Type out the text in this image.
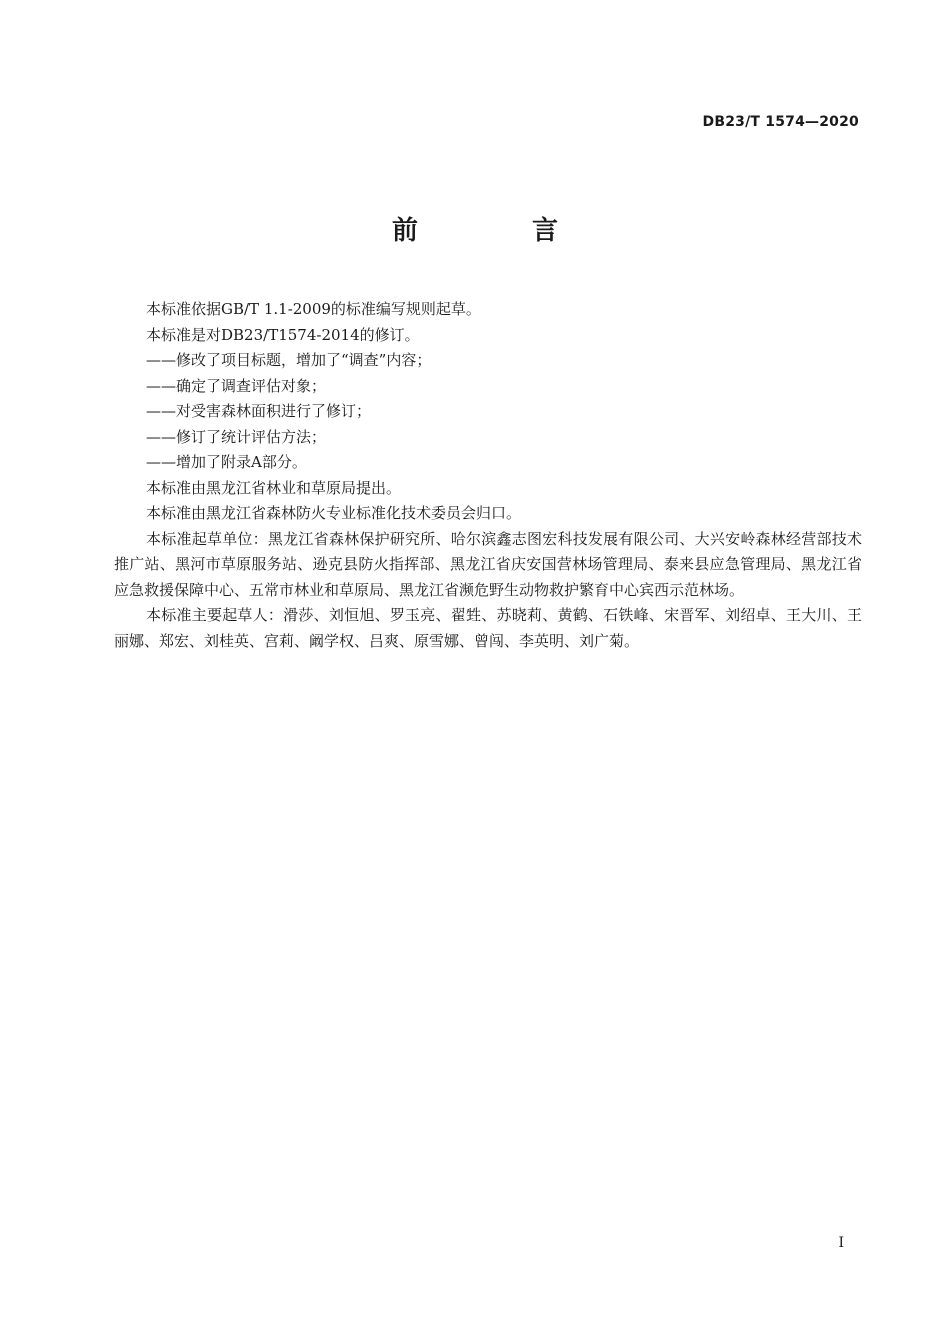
DB23/T 1574—2020
前　言

本标准依据GB/T 1.1-2009的标准编写规则起草。

本标准是对DB23/T1574-2014的修订。

——修改了项目标题，增加了“调查”内容；

——确定了调查评估对象；

——对受害森林面积进行了修订；

——修订了统计评估方法；

——增加了附录A部分。

本标准由黑龙江省林业和草原局提出。

本标准由黑龙江省森林防火专业标准化技术委员会归口。

本标准起草单位：黑龙江省森林保护研究所、哈尔滨鑫志图宏科技发展有限公司、大兴安岭森林经营部技术推广站、黑河市草原服务站、逊克县防火指挥部、黑龙江省庆安国营林场管理局、泰来县应急管理局、黑龙江省应急救援保障中心、五常市林业和草原局、黑龙江省濒危野生动物救护繁育中心宾西示范林场。

本标准主要起草人：滑莎、刘恒旭、罗玉亮、翟甡、苏晓莉、黄鹤、石铁峰、宋晋军、刘绍卓、王大川、王丽娜、郑宏、刘桂英、宫莉、阚学权、吕爽、原雪娜、曾闯、李英明、刘广菊。

I
